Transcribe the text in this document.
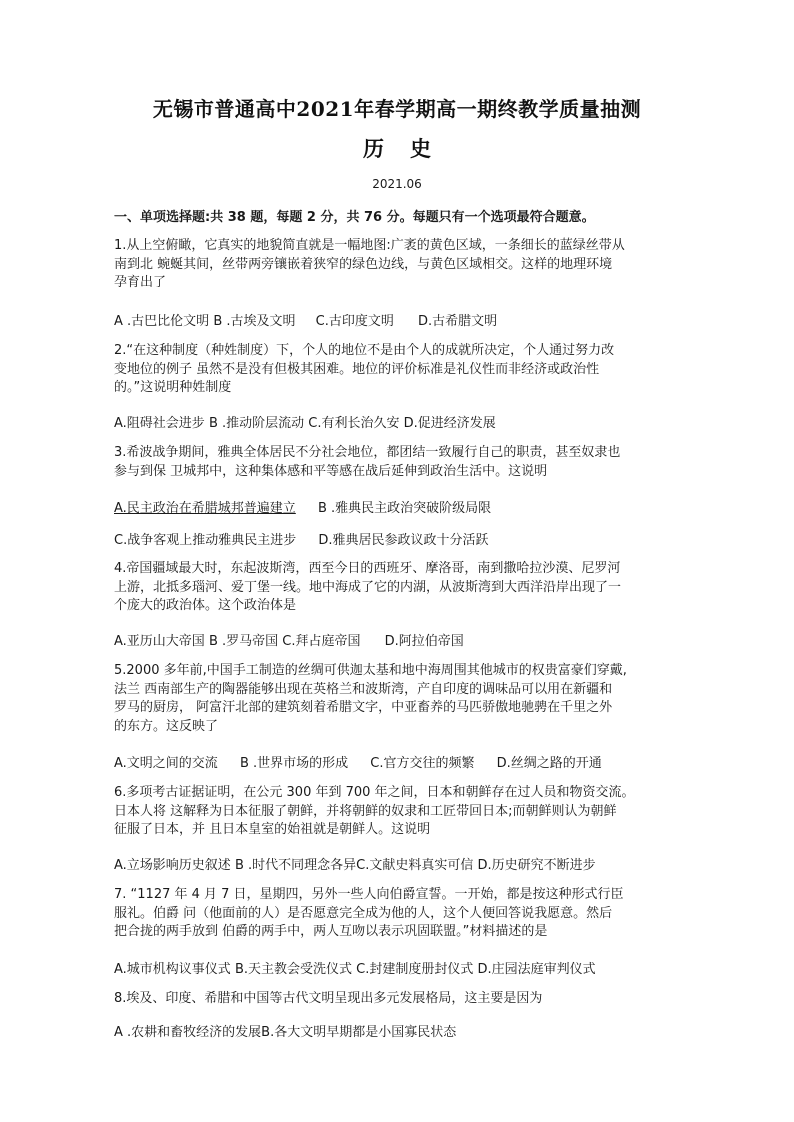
无锡市普通高中2021年春学期高一期终教学质量抽测
历 史
2021.06
一、单项选择题:共 38 题，每题 2 分，共 76 分。每题只有一个选项最符合题意。
1.从上空俯瞰，它真实的地貌简直就是一幅地图:广袤的黄色区域，一条细长的蓝绿丝带从
南到北 蜿蜒其间，丝带两旁镶嵌着狭窄的绿色边线，与黄色区域相交。这样的地理环境
孕育出了
A .古巴比伦文明 B .古埃及文明 C.古印度文明 D.古希腊文明
2.“在这种制度（种姓制度）下，个人的地位不是由个人的成就所决定，个人通过努力改
变地位的例子 虽然不是没有但极其困难。地位的评价标准是礼仪性而非经济或政治性
的。”这说明种姓制度
A.阻碍社会进步 B .推动阶层流动 C.有利长治久安 D.促进经济发展
3.希波战争期间，雅典全体居民不分社会地位，都团结一致履行自己的职责，甚至奴隶也
参与到保 卫城邦中，这种集体感和平等感在战后延伸到政治生活中。这说明
A.民主政治在希腊城邦普遍建立 B .雅典民主政治突破阶级局限
C.战争客观上推动雅典民主进步 D.雅典居民参政议政十分活跃
4.帝国疆域最大时，东起波斯湾，西至今日的西班牙、摩洛哥，南到撒哈拉沙漠、尼罗河
上游，北抵多瑙河、爱丁堡一线。地中海成了它的内湖，从波斯湾到大西洋沿岸出现了一
个庞大的政治体。这个政治体是
A.亚历山大帝国 B .罗马帝国 C.拜占庭帝国 D.阿拉伯帝国
5.2000 多年前,中国手工制造的丝绸可供迦太基和地中海周围其他城市的权贵富豪们穿戴,
法兰 西南部生产的陶器能够出现在英格兰和波斯湾，产自印度的调味品可以用在新疆和
罗马的厨房， 阿富汗北部的建筑刻着希腊文字，中亚畜养的马匹骄傲地驰骋在千里之外
的东方。这反映了
A.文明之间的交流 B .世界市场的形成 C.官方交往的频繁 D.丝绸之路的开通
6.多项考古证据证明，在公元 300 年到 700 年之间，日本和朝鲜存在过人员和物资交流。
日本人将 这解释为日本征服了朝鲜，并将朝鲜的奴隶和工匠带回日本;而朝鲜则认为朝鲜
征服了日本，并 且日本皇室的始祖就是朝鲜人。这说明
A.立场影响历史叙述 B .时代不同理念各异C.文献史料真实可信 D.历史研究不断进步
7. “1127 年 4 月 7 日，星期四，另外一些人向伯爵宣誓。一开始，都是按这种形式行臣
服礼。伯爵 问（他面前的人）是否愿意完全成为他的人，这个人便回答说我愿意。然后
把合拢的两手放到 伯爵的两手中，两人互吻以表示巩固联盟。”材料描述的是
A.城市机构议事仪式 B.天主教会受洗仪式 C.封建制度册封仪式 D.庄园法庭审判仪式
8.埃及、印度、希腊和中国等古代文明呈现出多元发展格局，这主要是因为
A .农耕和畜牧经济的发展B.各大文明早期都是小国寡民状态
